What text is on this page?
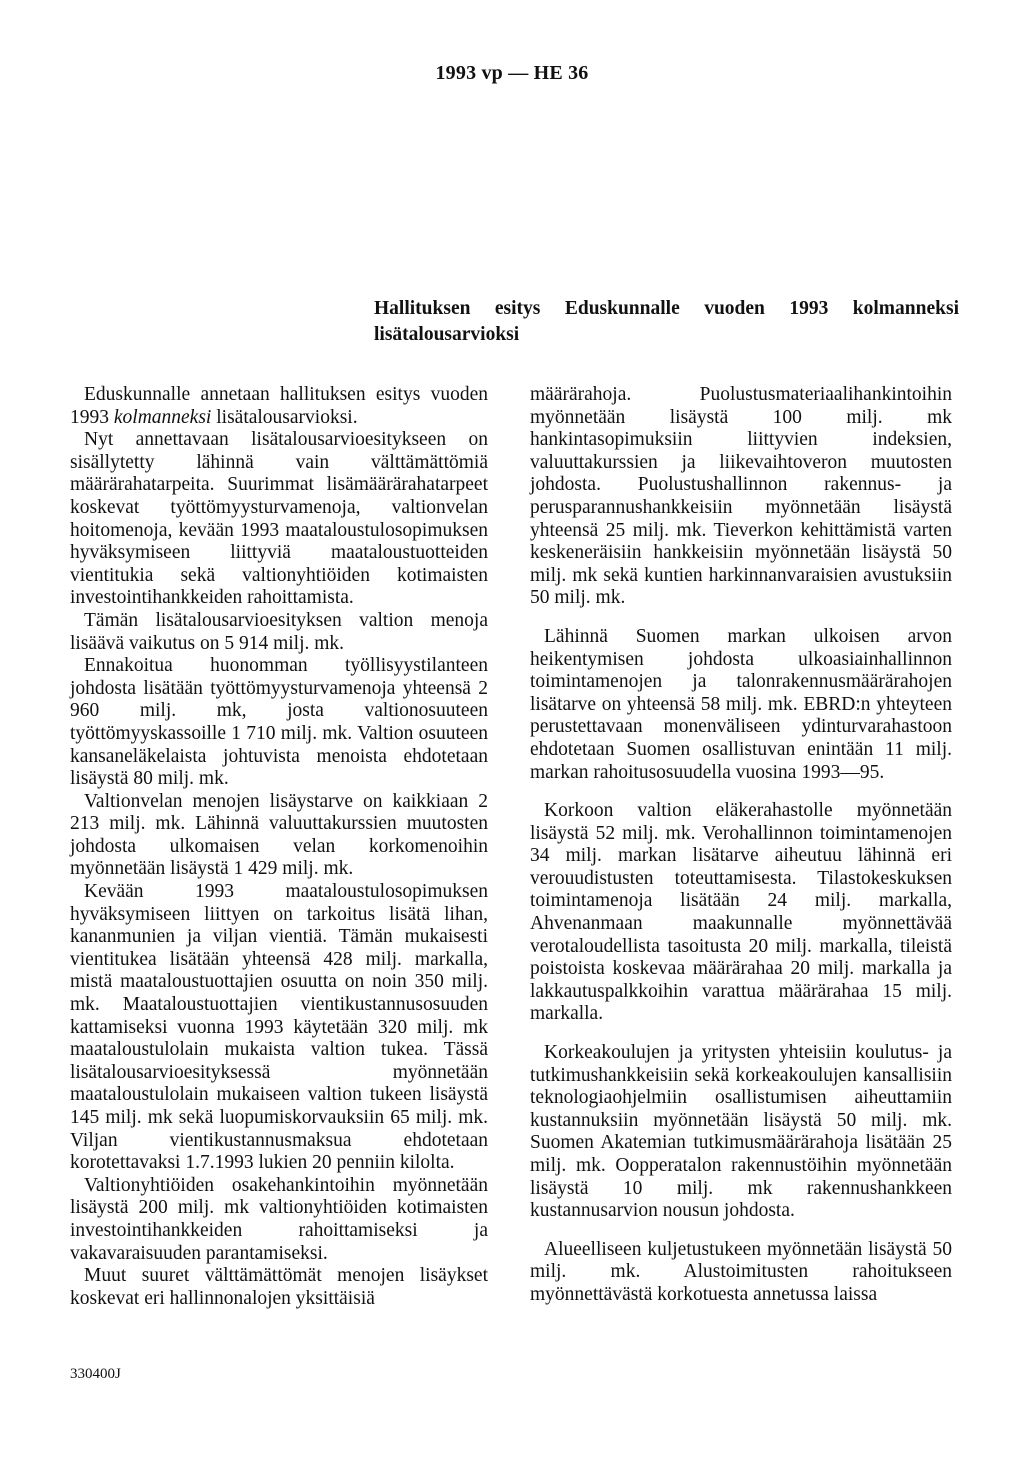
1993 vp — HE 36
Hallituksen esitys Eduskunnalle vuoden 1993 kolmanneksi lisätalousarvioksi

Eduskunnalle annetaan hallituksen esitys vuoden 1993 kolmanneksi lisätalousarvioksi.

Nyt annettavaan lisätalousarvioesitykseen on sisällytetty lähinnä vain välttämättömiä määrärahatarpeita. Suurimmat lisämäärärahatarpeet koskevat työttömyysturvamenoja, valtionvelan hoitomenoja, kevään 1993 maataloustulosopimuksen hyväksymiseen liittyviä maataloustuotteiden vientitukia sekä valtionyhtiöiden kotimaisten investointihankkeiden rahoittamista.

Tämän lisätalousarvioesityksen valtion menoja lisäävä vaikutus on 5 914 milj. mk.

Ennakoitua huonomman työllisyystilanteen johdosta lisätään työttömyysturvamenoja yhteensä 2 960 milj. mk, josta valtionosuuteen työttömyyskassoille 1 710 milj. mk. Valtion osuuteen kansaneläkelaista johtuvista menoista ehdotetaan lisäystä 80 milj. mk.

Valtionvelan menojen lisäystarve on kaikkiaan 2 213 milj. mk. Lähinnä valuuttakurssien muutosten johdosta ulkomaisen velan korkomenoihin myönnetään lisäystä 1 429 milj. mk.

Kevään 1993 maataloustulosopimuksen hyväksymiseen liittyen on tarkoitus lisätä lihan, kananmunien ja viljan vientiä. Tämän mukaisesti vientitukea lisätään yhteensä 428 milj. markalla, mistä maataloustuottajien osuutta on noin 350 milj. mk. Maataloustuottajien vientikustannusosuuden kattamiseksi vuonna 1993 käytetään 320 milj. mk maataloustulolain mukaista valtion tukea. Tässä lisätalousarvioesityksessä myönnetään maataloustulolain mukaiseen valtion tukeen lisäystä 145 milj. mk sekä luopumiskorvauksiin 65 milj. mk. Viljan vientikustannusmaksua ehdotetaan korotettavaksi 1.7.1993 lukien 20 penniin kilolta.

Valtionyhtiöiden osakehankintoihin myönnetään lisäystä 200 milj. mk valtionyhtiöiden kotimaisten investointihankkeiden rahoittamiseksi ja vakavaraisuuden parantamiseksi.

Muut suuret välttämättömät menojen lisäykset koskevat eri hallinnonalojen yksittäisiä

määrärahoja. Puolustusmateriaalihankintoihin myönnetään lisäystä 100 milj. mk hankintasopimuksiin liittyvien indeksien, valuuttakurssien ja liikevaihtoveron muutosten johdosta. Puolustushallinnon rakennus- ja perusparannushankkeisiin myönnetään lisäystä yhteensä 25 milj. mk. Tieverkon kehittämistä varten keskeneräisiin hankkeisiin myönnetään lisäystä 50 milj. mk sekä kuntien harkinnanvaraisien avustuksiin 50 milj. mk.

Lähinnä Suomen markan ulkoisen arvon heikentymisen johdosta ulkoasiainhallinnon toimintamenojen ja talonrakennusmäärärahojen lisätarve on yhteensä 58 milj. mk. EBRD:n yhteyteen perustettavaan monenväliseen ydinturvarahastoon ehdotetaan Suomen osallistuvan enintään 11 milj. markan rahoitusosuudella vuosina 1993—95.

Korkoon valtion eläkerahastolle myönnetään lisäystä 52 milj. mk. Verohallinnon toimintamenojen 34 milj. markan lisätarve aiheutuu lähinnä eri verouudistusten toteuttamisesta. Tilastokeskuksen toimintamenoja lisätään 24 milj. markalla, Ahvenanmaan maakunnalle myönnettävää verotaloudellista tasoitusta 20 milj. markalla, tileistä poistoista koskevaa määrärahaa 20 milj. markalla ja lakkautuspalkkoihin varattua määrärahaa 15 milj. markalla.

Korkeakoulujen ja yritysten yhteisiin koulutus- ja tutkimushankkeisiin sekä korkeakoulujen kansallisiin teknologiaohjelmiin osallistumisen aiheuttamiin kustannuksiin myönnetään lisäystä 50 milj. mk. Suomen Akatemian tutkimusmäärärahoja lisätään 25 milj. mk. Oopperatalon rakennustöihin myönnetään lisäystä 10 milj. mk rakennushankkeen kustannusarvion nousun johdosta.

Alueelliseen kuljetustukeen myönnetään lisäystä 50 milj. mk. Alustoimitusten rahoitukseen myönnettävästä korkotuesta annetussa laissa

330400J
